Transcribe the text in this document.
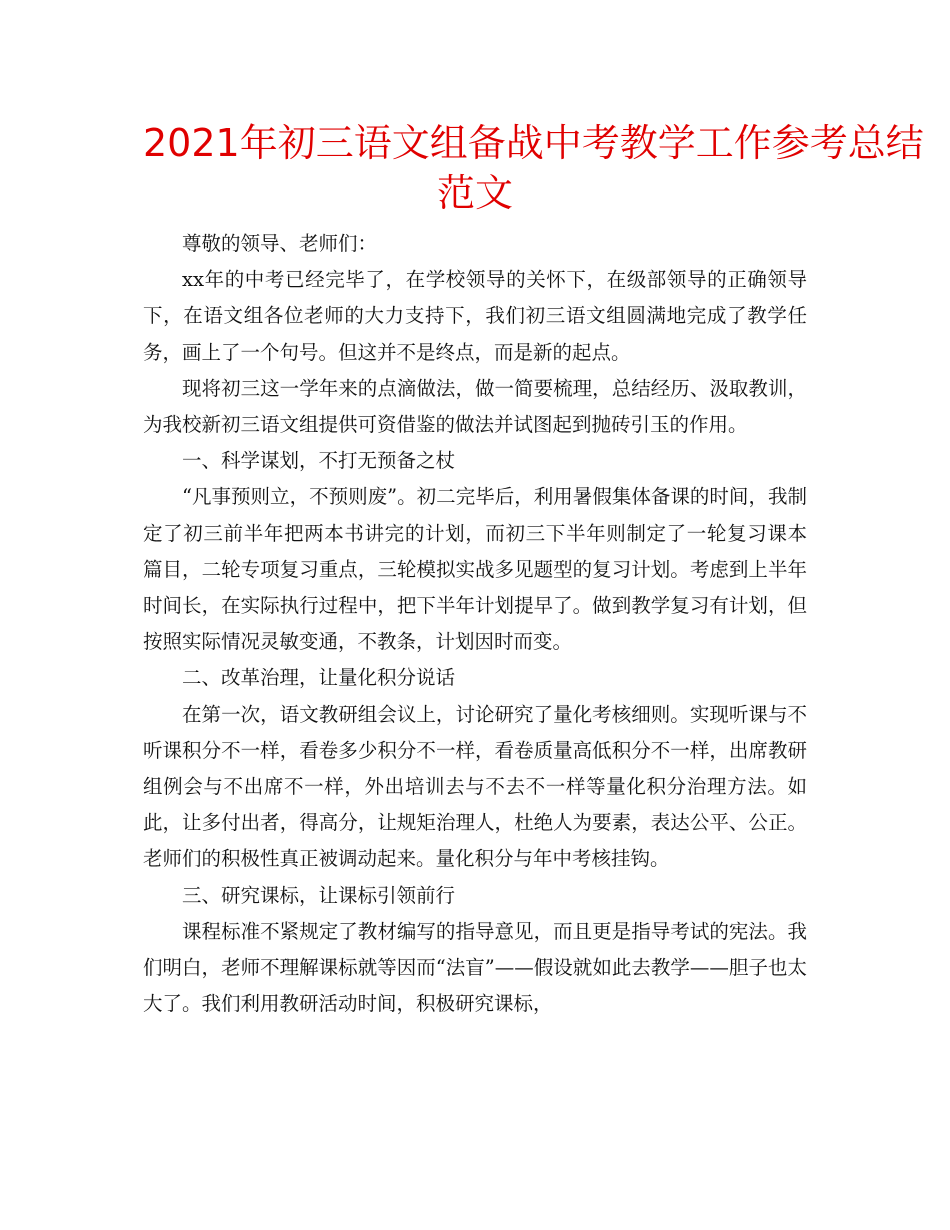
2021年初三语文组备战中考教学工作参考总结
范文

尊敬的领导、老师们：

xx年的中考已经完毕了，在学校领导的关怀下，在级部领导的正确领导下，在语文组各位老师的大力支持下，我们初三语文组圆满地完成了教学任务，画上了一个句号。但这并不是终点，而是新的起点。

现将初三这一学年来的点滴做法，做一简要梳理，总结经历、汲取教训，为我校新初三语文组提供可资借鉴的做法并试图起到抛砖引玉的作用。

一、科学谋划，不打无预备之杖

“凡事预则立，不预则废”。初二完毕后，利用暑假集体备课的时间，我制定了初三前半年把两本书讲完的计划，而初三下半年则制定了一轮复习课本　　篇目，二轮专项复习重点，三轮模拟实战多见题型的复习计划。考虑到上半年时间长，在实际执行过程中，把下半年计划提早了。做到教学复习有计划，但按照实际情况灵敏变通，不教条，计划因时而变。

二、改革治理，让量化积分说话

在第一次，语文教研组会议上，讨论研究了量化考核细则。实现听课与不听课积分不一样，看卷多少积分不一样，看卷质量高低积分不一样，出席教研组例会与不出席不一样，外出培训去与不去不一样等量化积分治理方法。如此，让多付出者，得高分，让规矩治理人，杜绝人为要素，表达公平、公正。老师们的积极性真正被调动起来。量化积分与年中考核挂钩。

三、研究课标，让课标引领前行

课程标准不紧规定了教材编写的指导意见，而且更是指导考试的宪法。我们明白，老师不理解课标就等因而“法盲”——假设就如此去教学——胆子也太大了。我们利用教研活动时间，积极研究课标，
